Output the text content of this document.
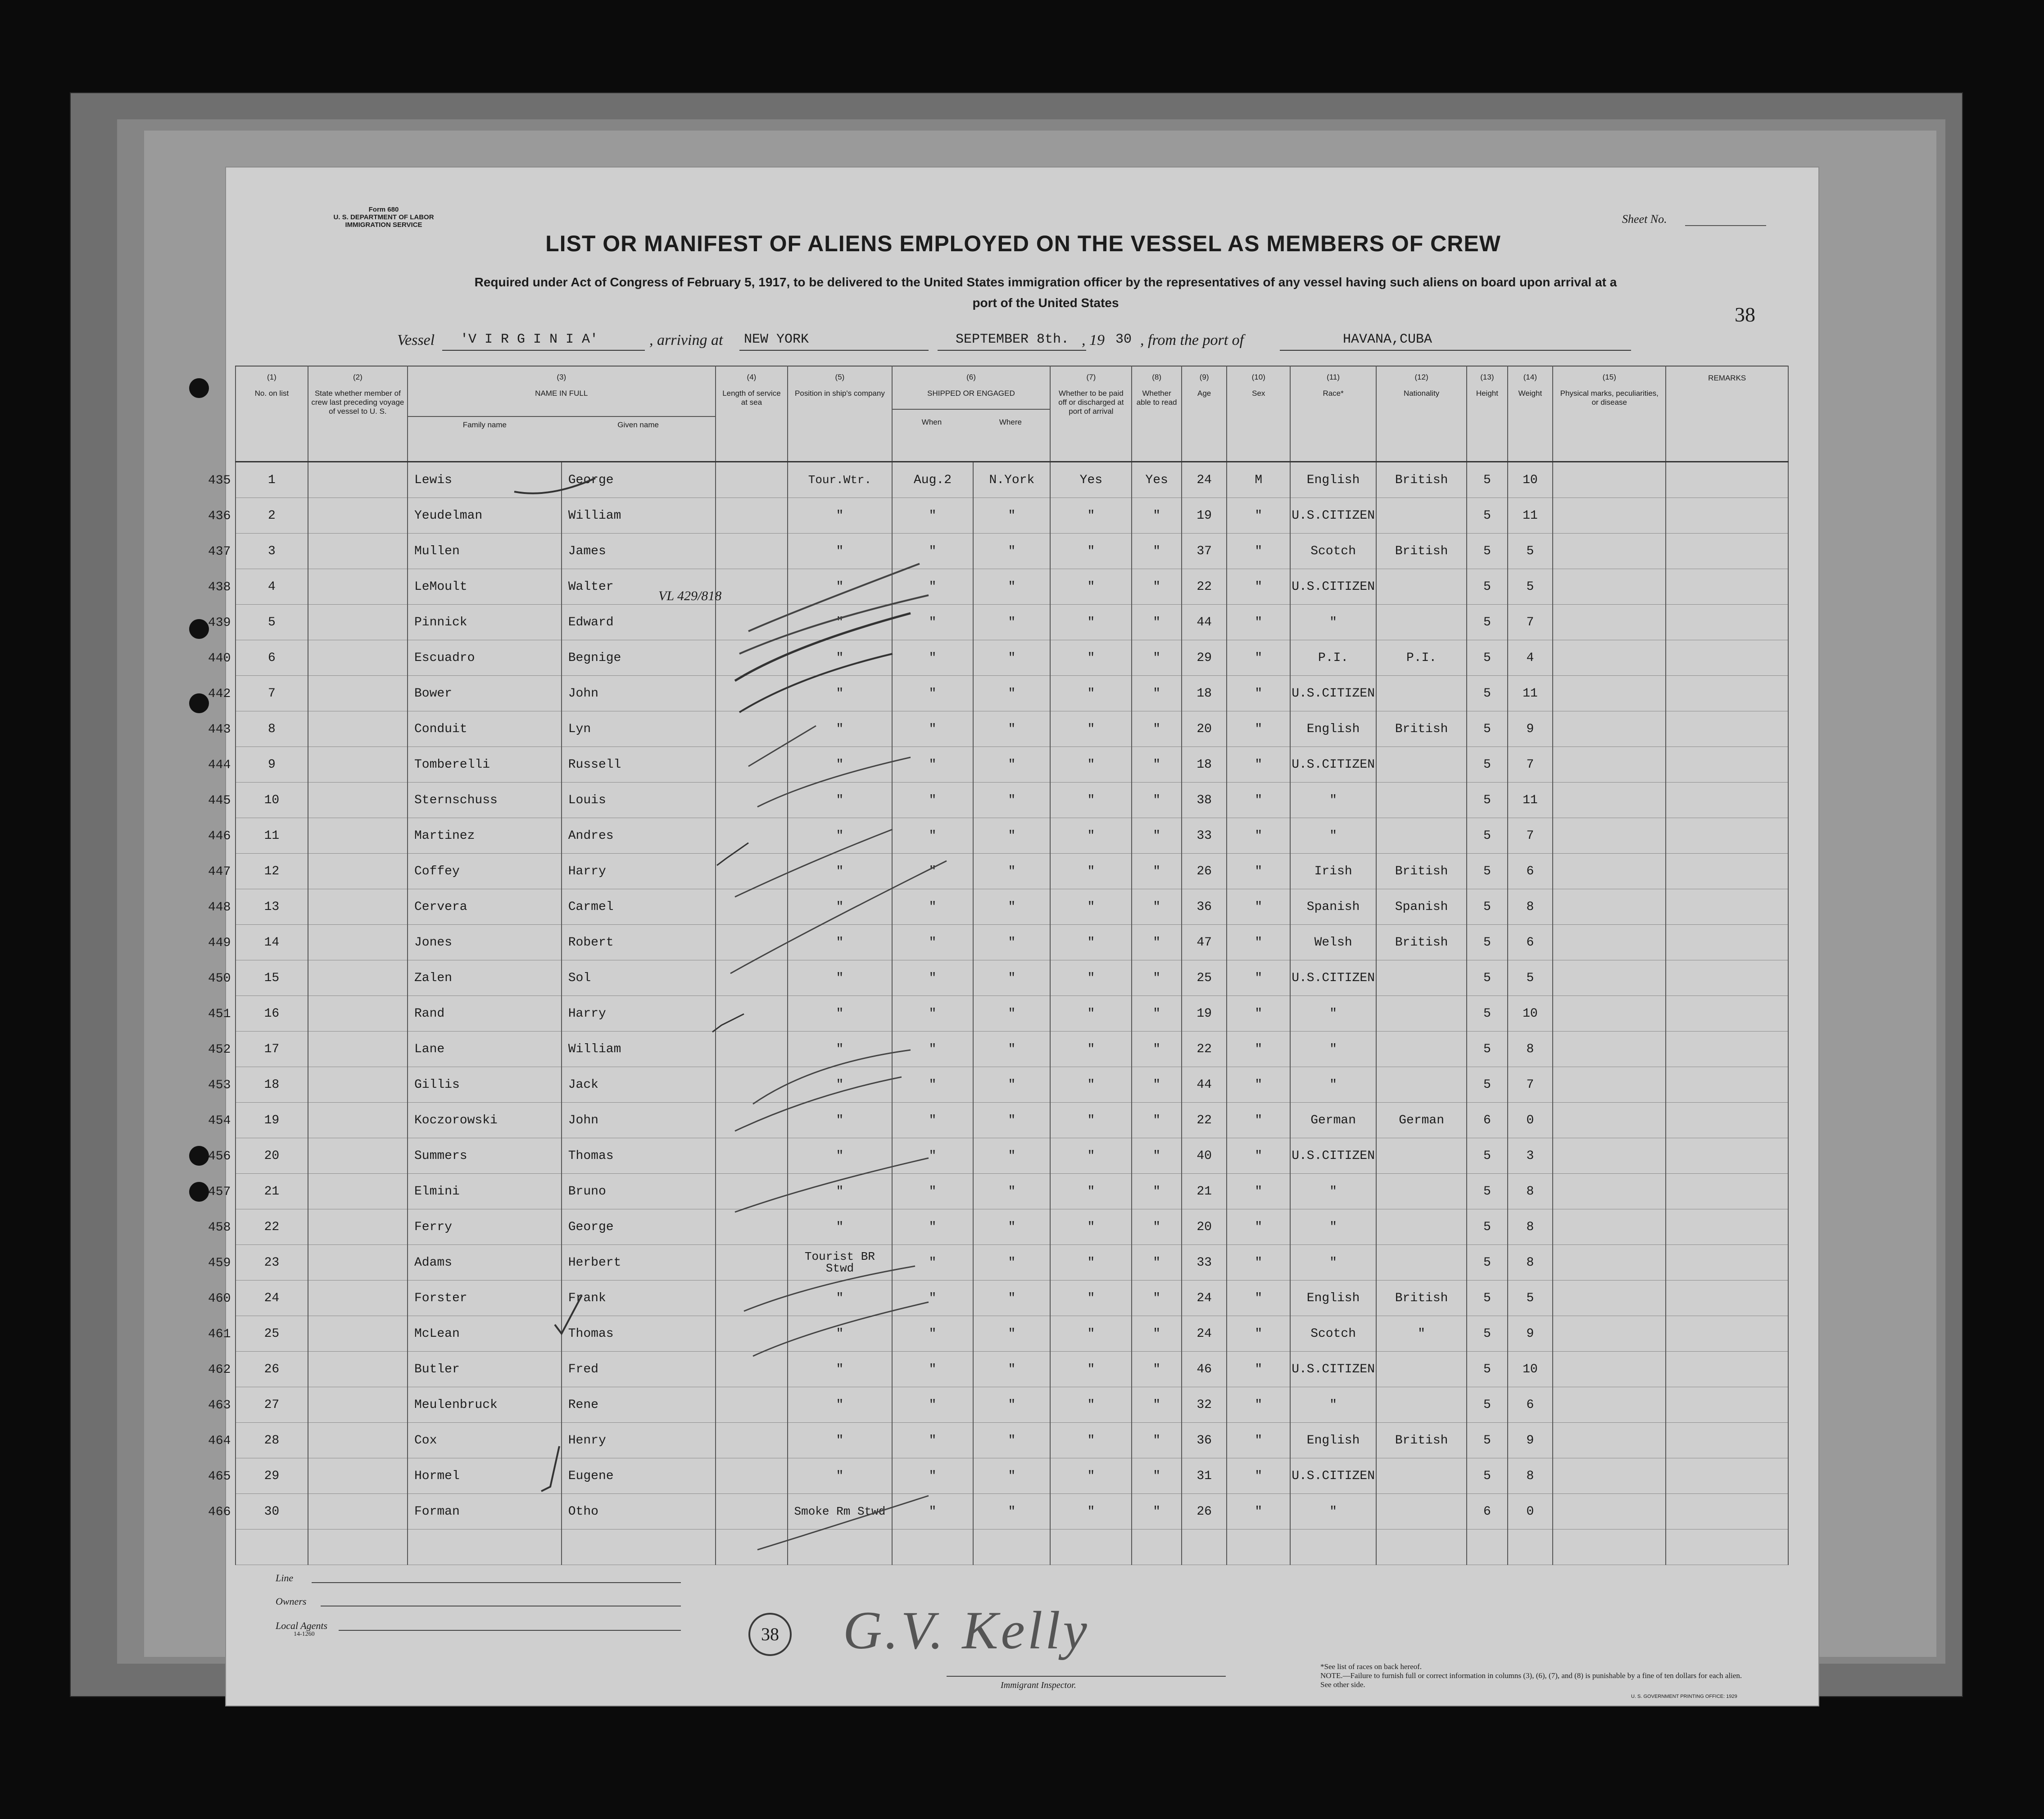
Form 680
U. S. DEPARTMENT OF LABOR
IMMIGRATION SERVICE	Sheet No.
LIST OR MANIFEST OF ALIENS EMPLOYED ON THE VESSEL AS MEMBERS OF CREW
Required under Act of Congress of February 5, 1917, to be delivered to the United States immigration officer by the representatives of any vessel having such aliens on board upon arrival at a
port of the United States
38
Vessel 'V I R G I N I A'	, arriving at NEW YORK	SEPTEMBER 8th. , 19 30 , from the port of	HAVANA,CUBA
(1)
No. on list	(2)
State whether member of crew last preceding voyage of vessel to U. S.	(3)
NAME IN FULL
Family name Given name		(4)
Length of service at sea	(5)
Position in ship's company	(6)
SHIPPED OR ENGAGED
When Where		(7)
Whether to be paid off or discharged at port of arrival	(8)
Whether able to read	(9)
Age	(10)
Sex	(11)
Race*	(12)
Nationality	(13)
Height	(14)
Weight	(15)
Physical marks, peculiarities, or disease	REMARKS

1		Lewis	George		Tour.Wtr.	Aug.2	N.York	Yes	Yes	24	M	English	British	5	10		
2		Yeudelman	William		"	"	"	"	"	19	"	U.S.CITIZEN		5	11		
3		Mullen	James		"	"	"	"	"	37	"	Scotch	British	5	5		
4		LeMoult	Walter		"	"	"	"	"	22	"	U.S.CITIZEN		5	5		
5		Pinnick	Edward		"	"	"	"	"	44	"	"		5	7		
6		Escuadro	Begnige		"	"	"	"	"	29	"	P.I.	P.I.	5	4		
7		Bower	John		"	"	"	"	"	18	"	U.S.CITIZEN		5	11		
8		Conduit	Lyn		"	"	"	"	"	20	"	English	British	5	9		
9		Tomberelli	Russell		"	"	"	"	"	18	"	U.S.CITIZEN		5	7		
10		Sternschuss	Louis		"	"	"	"	"	38	"	"		5	11		
11		Martinez	Andres		"	"	"	"	"	33	"	"		5	7		
12		Coffey	Harry		"	"	"	"	"	26	"	Irish	British	5	6		
13		Cervera	Carmel		"	"	"	"	"	36	"	Spanish	Spanish	5	8		
14		Jones	Robert		"	"	"	"	"	47	"	Welsh	British	5	6		
15		Zalen	Sol		"	"	"	"	"	25	"	U.S.CITIZEN		5	5		
16		Rand	Harry		"	"	"	"	"	19	"	"		5	10		
17		Lane	William		"	"	"	"	"	22	"	"		5	8		
18		Gillis	Jack		"	"	"	"	"	44	"	"		5	7		
19		Koczorowski	John		"	"	"	"	"	22	"	German	German	6	0		
20		Summers	Thomas		"	"	"	"	"	40	"	U.S.CITIZEN		5	3		
21		Elmini	Bruno		"	"	"	"	"	21	"	"		5	8		
22		Ferry	George		"	"	"	"	"	20	"	"		5	8		
23		Adams	Herbert		Tourist BR Stwd	"	"	"	"	33	"	"		5	8		
24		Forster	Frank		"	"	"	"	"	24	"	English	British	5	5		
25		McLean	Thomas		"	"	"	"	"	24	"	Scotch	"	5	9		
26		Butler	Fred		"	"	"	"	"	46	"	U.S.CITIZEN		5	10		
27		Meulenbruck	Rene		"	"	"	"	"	32	"	"		5	6		
28		Cox	Henry		"	"	"	"	"	36	"	English	British	5	9		
29		Hormel	Eugene		"	"	"	"	"	31	"	U.S.CITIZEN		5	8		
30		Forman	Otho		Smoke Rm Stwd	"	"	"	"	26	"	"		6	0		

Line
Owners
Local Agents
14-1260	38 G.V. Kelly
Immigrant Inspector.
*See list of races on back hereof.
NOTE.—Failure to furnish full or correct information in columns (3), (6), (7), and (8) is punishable by a fine of ten dollars for each alien. See other side.
U. S. GOVERNMENT PRINTING OFFICE: 1929
VL 429/818
435
436
437
438
439
440
442
443
444
445
446
447
448
449
450
451
452
453
454
456
457
458
459
460
461
462
463
464
465
466
